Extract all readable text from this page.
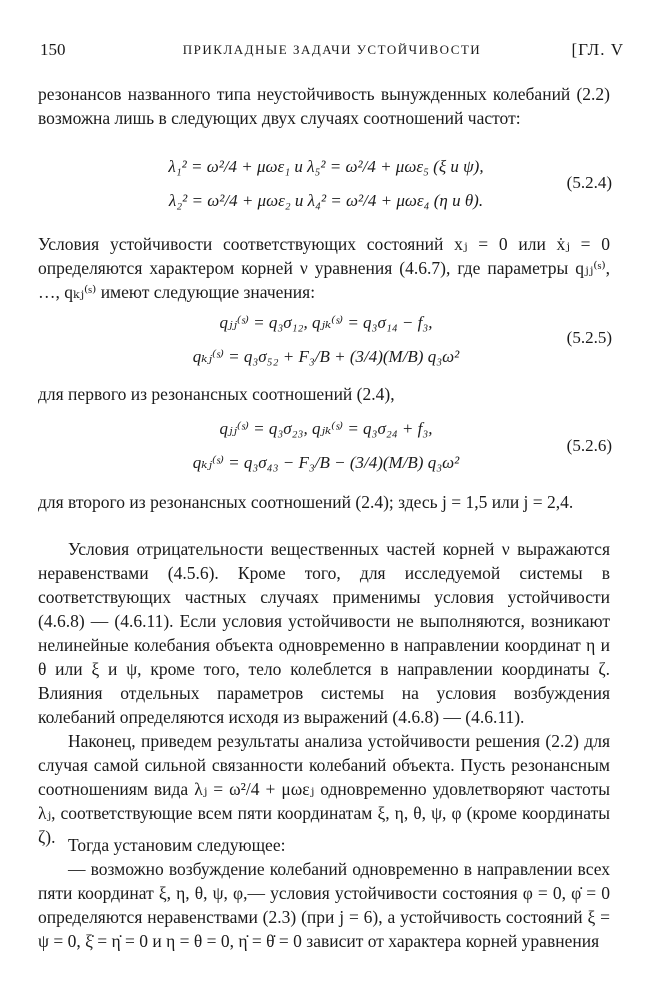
150	ПРИКЛАДНЫЕ ЗАДАЧИ УСТОЙЧИВОСТИ	[ГЛ. V

резонансов названного типа неустойчивость вынужденных колебаний (2.2) возможна лишь в следующих двух случаях соотношений частот:

λ₁² = ω²/4 + μωε₁ и λ₅² = ω²/4 + μωε₅ (ξ и ψ),
λ₂² = ω²/4 + μωε₂ и λ₄² = ω²/4 + μωε₄ (η и θ).
(5.2.4)

Условия устойчивости соответствующих состояний xⱼ = 0 или ẋⱼ = 0 определяются характером корней ν уравнения (4.6.7), где параметры qⱼⱼ⁽ˢ⁾, …, qₖⱼ⁽ˢ⁾ имеют следующие значения:

qⱼⱼ⁽ˢ⁾ = q₃σ₁₂, qⱼₖ⁽ˢ⁾ = q₃σ₁₄ − f₃,
qₖⱼ⁽ˢ⁾ = q₃σ₅₂ + F₃/B + (3/4)(M/B) q₃ω²
(5.2.5)

для первого из резонансных соотношений (2.4),

qⱼⱼ⁽ˢ⁾ = q₃σ₂₃, qⱼₖ⁽ˢ⁾ = q₃σ₂₄ + f₃,
qₖⱼ⁽ˢ⁾ = q₃σ₄₃ − F₃/B − (3/4)(M/B) q₃ω²
(5.2.6)

для второго из резонансных соотношений (2.4); здесь j = 1,5 или j = 2,4.

Условия отрицательности вещественных частей корней ν выражаются неравенствами (4.5.6). Кроме того, для исследуемой системы в соответствующих частных случаях применимы условия устойчивости (4.6.8) — (4.6.11). Если условия устойчивости не выполняются, возникают нелинейные колебания объекта одновременно в направлении координат η и θ или ξ и ψ, кроме того, тело колеблется в направлении координаты ζ. Влияния отдельных параметров системы на условия возбуждения колебаний определяются исходя из выражений (4.6.8) — (4.6.11).

Наконец, приведем результаты анализа устойчивости решения (2.2) для случая самой сильной связанности колебаний объекта. Пусть резонансным соотношениям вида λⱼ = ω²/4 + μωεⱼ одновременно удовлетворяют частоты λⱼ, соответствующие всем пяти координатам ξ, η, θ, ψ, φ (кроме координаты ζ). Тогда установим следующее:

— возможно возбуждение колебаний одновременно в направлении всех пяти координат ξ, η, θ, ψ, φ,— условия устойчивости состояния φ = 0, φ̇ = 0 определяются неравенствами (2.3) (при j = 6), а устойчивость состояний ξ = ψ = 0, ξ̇ = η̇ = 0 и η = θ = 0, η̇ = θ̇ = 0 зависит от характера корней уравнения
